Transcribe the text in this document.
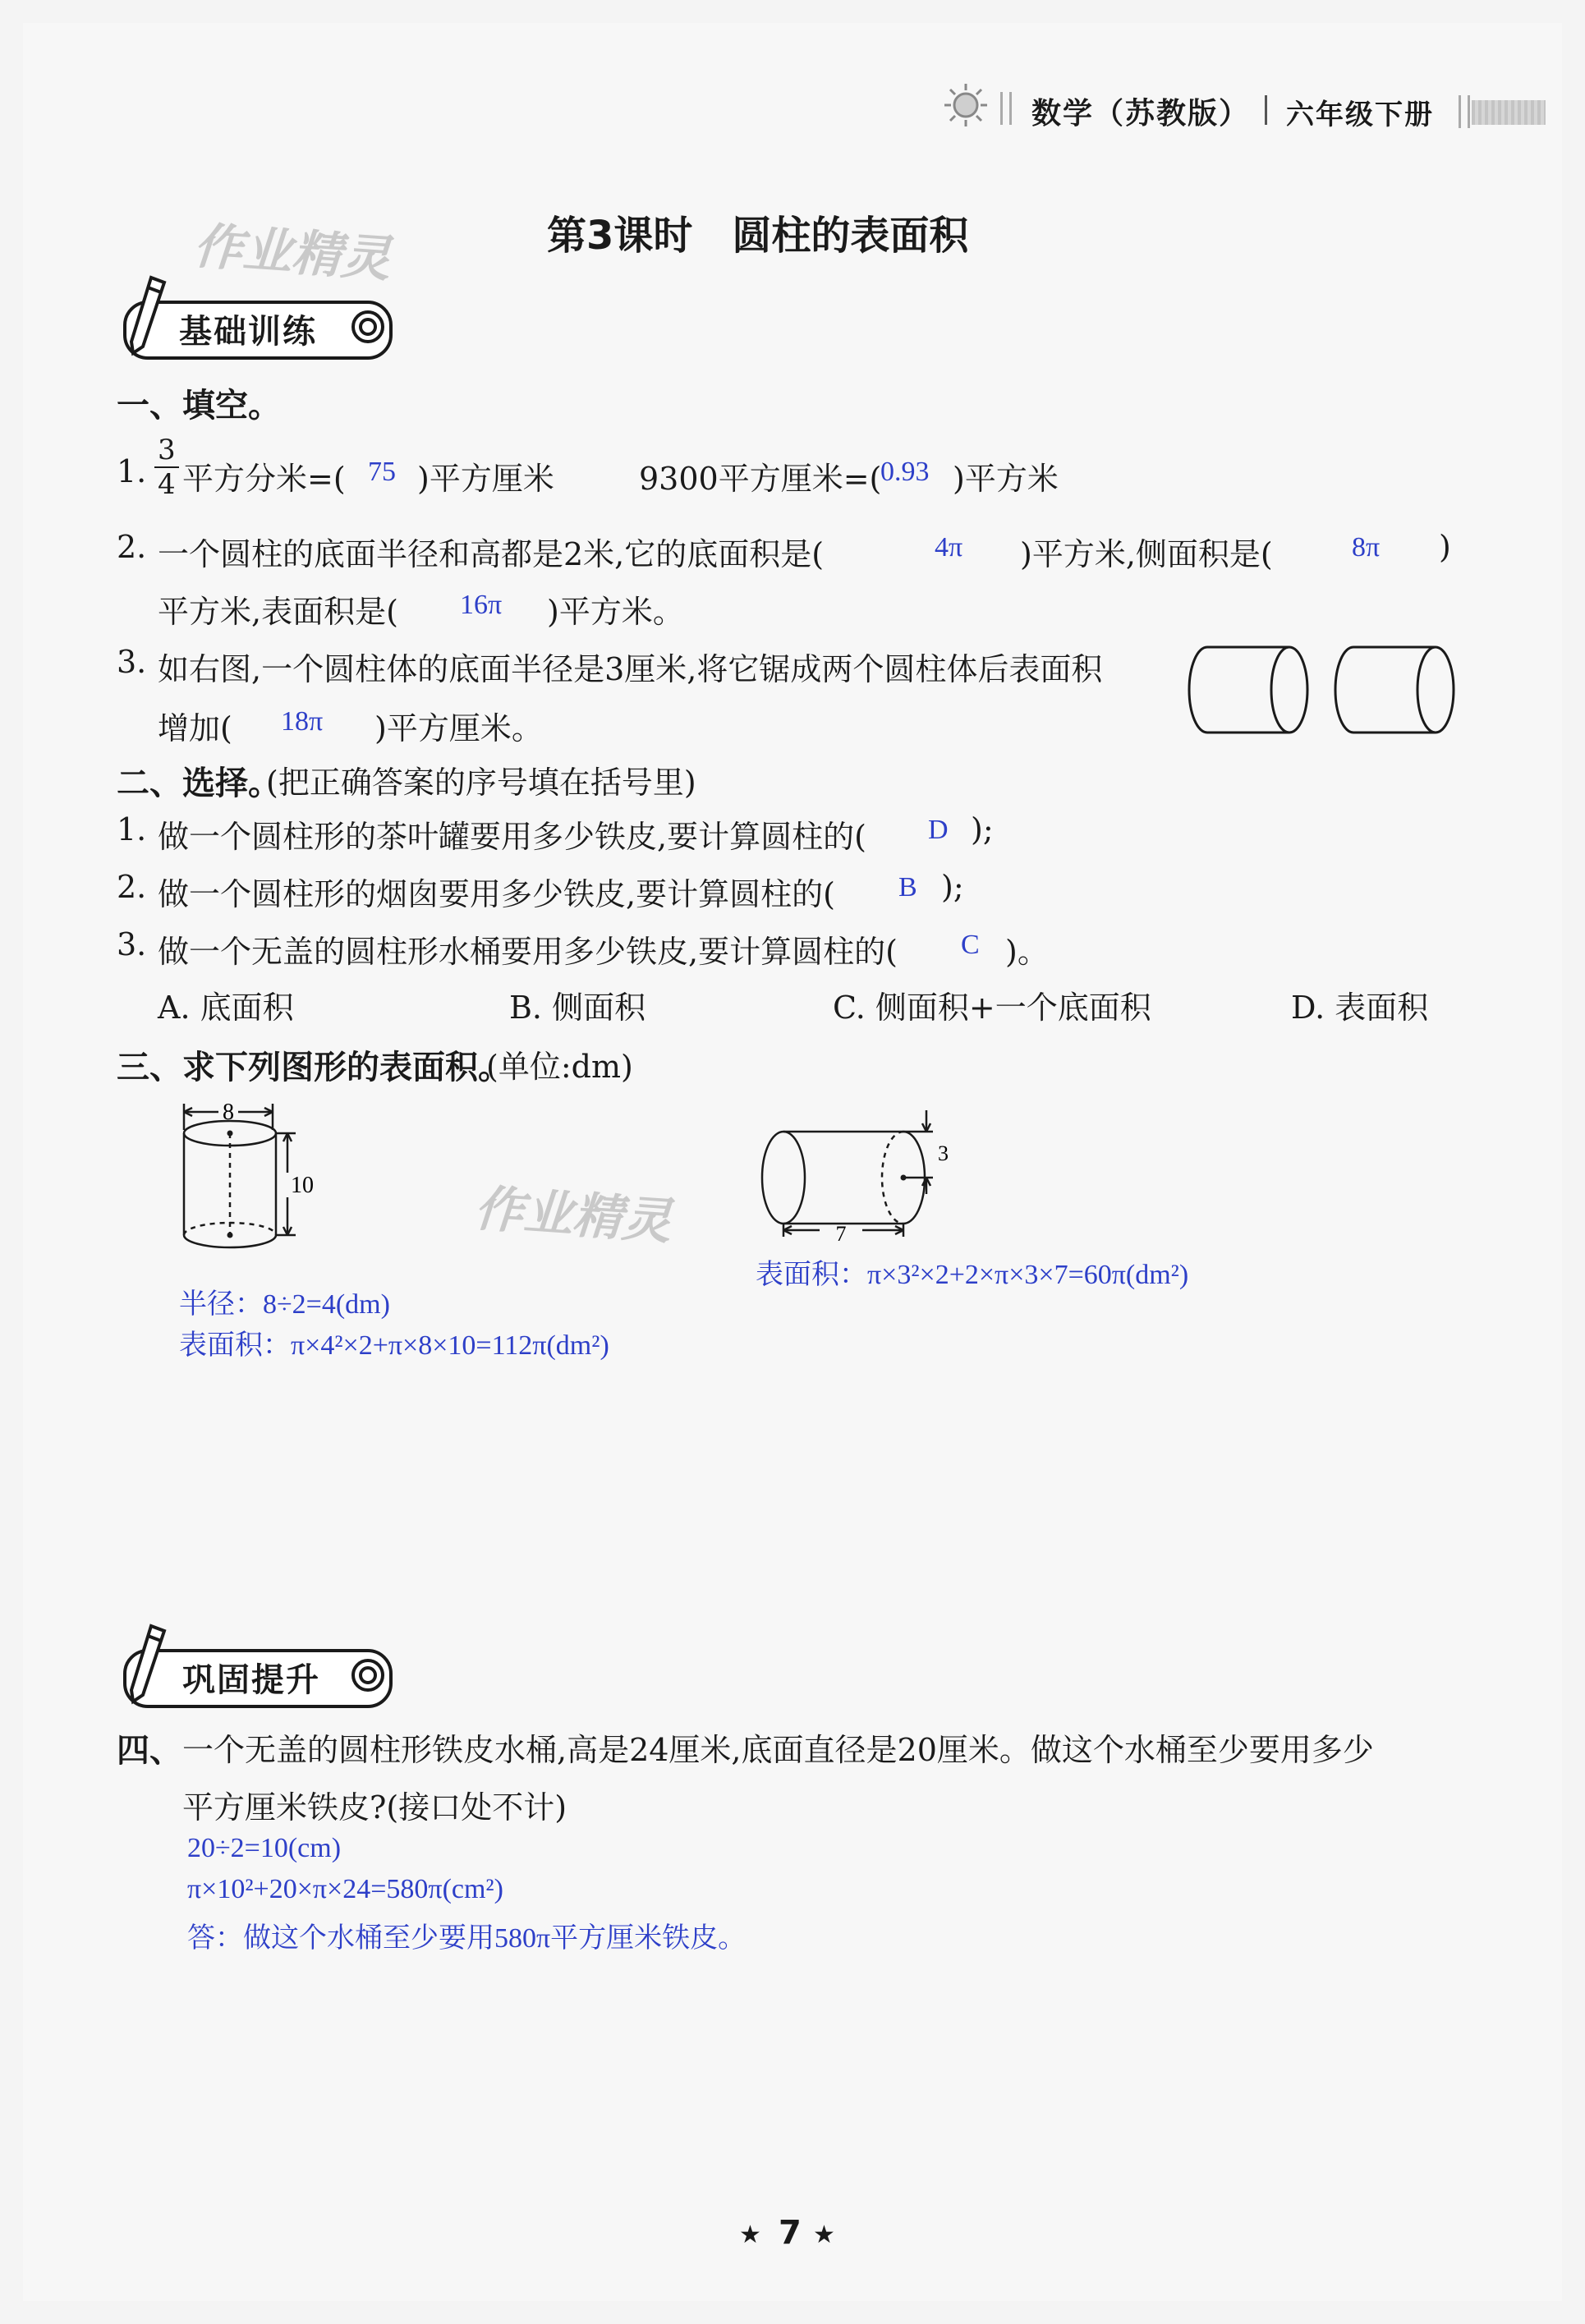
数学（苏教版） 六年级下册
作业精灵	第3课时　圆柱的表面积
基础训练
一、填空。
1. $\frac{3}{4}$ 平方分米=( 75 )平方厘米	9300平方厘米=(
0.93 )平方米
2. 一个圆柱的底面半径和高都是2米,它的底面积是(	4π )平方米,侧面积是(	8π )
平方米,表面积是( 16π )平方米。
3. 如右图,一个圆柱体的底面半径是3厘米,将它锯成两个圆柱体后表面积
增加( 18π )平方厘米。
二、选择。
(把正确答案的序号填在括号里)
1. 做一个圆柱形的茶叶罐要用多少铁皮,要计算圆柱的( D );
2. 做一个圆柱形的烟囱要用多少铁皮,要计算圆柱的( B );
3. 做一个无盖的圆柱形水桶要用多少铁皮,要计算圆柱的( C )。
A. 底面积	B. 侧面积	C. 侧面积+一个底面积	D. 表面积
三、求下列图形的表面积。
(单位:dm)
8
10	作业精灵
3
7
半径：8÷2=4(dm)
表面积：π×4²×2+π×8×10=112π(dm²)
表面积：π×3²×2+2×π×3×7=60π(dm²)
巩固提升
四、 一个无盖的圆柱形铁皮水桶,高是24厘米,底面直径是20厘米。做这个水桶至少要用多少
平方厘米铁皮?(接口处不计)
20÷2=10(cm)
π×10²+20×π×24=580π(cm²)
答：做这个水桶至少要用580π平方厘米铁皮。
★ 7 ★
